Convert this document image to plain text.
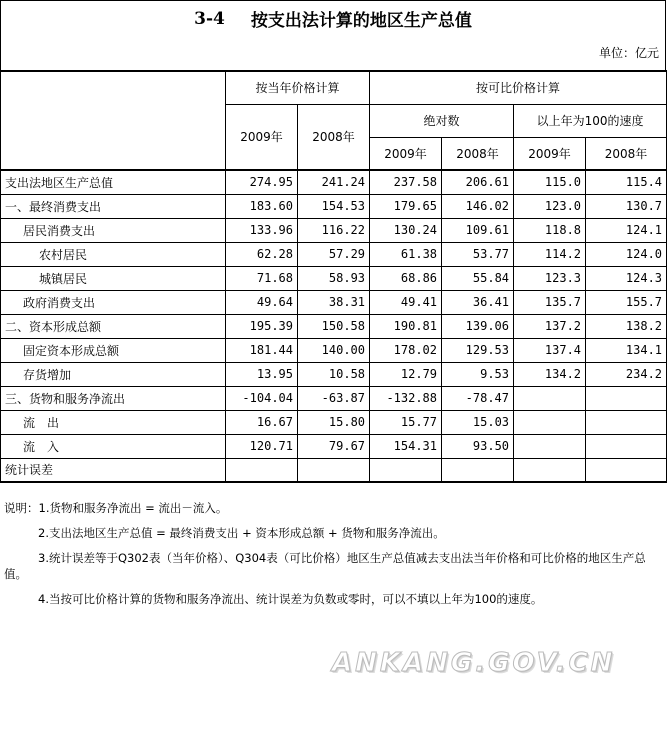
3-4 按支出法计算的地区生产总值
单位：亿元
	按当年价格计算		按可比价格计算			
	2009年	2008年	绝对数		以上年为100的速度	
			2009年	2008年	2009年	2008年
支出法地区生产总值	274.95	241.24	237.58	206.61	115.0	115.4
一、最终消费支出	183.60	154.53	179.65	146.02	123.0	130.7
居民消费支出	133.96	116.22	130.24	109.61	118.8	124.1
农村居民	62.28	57.29	61.38	53.77	114.2	124.0
城镇居民	71.68	58.93	68.86	55.84	123.3	124.3
政府消费支出	49.64	38.31	49.41	36.41	135.7	155.7
二、资本形成总额	195.39	150.58	190.81	139.06	137.2	138.2
固定资本形成总额	181.44	140.00	178.02	129.53	137.4	134.1
存货增加	13.95	10.58	12.79	9.53	134.2	234.2
三、货物和服务净流出	-104.04	-63.87	-132.88	-78.47		
流　出	16.67	15.80	15.77	15.03		
流　入	120.71	79.67	154.31	93.50		
统计误差						

说明：1.货物和服务净流出 = 流出－流入。

2.支出法地区生产总值 = 最终消费支出 + 资本形成总额 + 货物和服务净流出。

3.统计误差等于Q302表（当年价格）、Q304表（可比价格）地区生产总值减去支出法当年价格和可比价格的地区生产总值。

4.当按可比价格计算的货物和服务净流出、统计误差为负数或零时，可以不填以上年为100的速度。

ANKANG.GOV.CN
